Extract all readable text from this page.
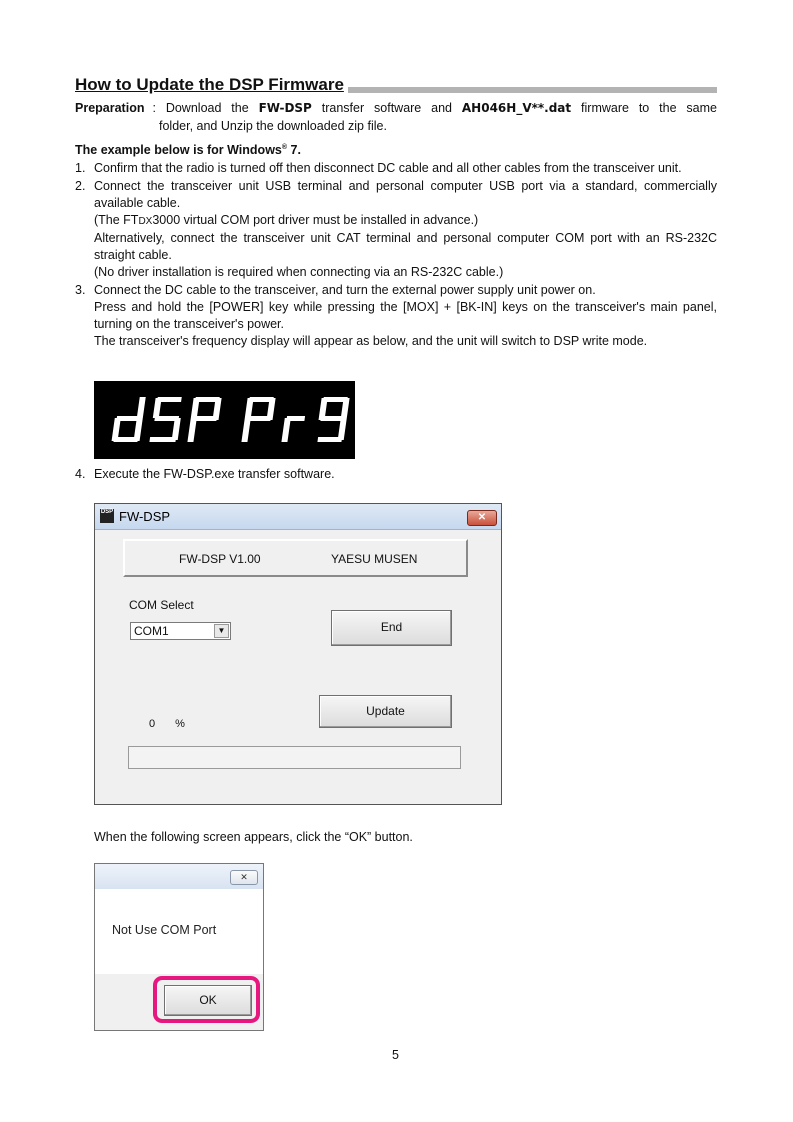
How to Update the DSP Firmware
Preparation : Download the FW-DSP transfer software and AH046H_V**.dat firmware to the same
folder, and Unzip the downloaded zip file.
The example below is for Windows® 7.
1. Confirm that the radio is turned off then disconnect DC cable and all other cables from the transceiver unit.

2. Connect the transceiver unit USB terminal and personal computer USB port via a standard, commercially available cable.

(The FTDX3000 virtual COM port driver must be installed in advance.)

Alternatively, connect the transceiver unit CAT terminal and personal computer COM port with an RS-232C straight cable.

(No driver installation is required when connecting via an RS-232C cable.)

3. Connect the DC cable to the transceiver, and turn the external power supply unit power on.

Press and hold the [POWER] key while pressing the [MOX] + [BK-IN] keys on the transceiver's main panel, turning on the transceiver's power.

The transceiver's frequency display will appear as below, and the unit will switch to DSP write mode.

4. Execute the FW-DSP.exe transfer software.
DSP FW-DSP	✕
FW-DSP V1.00	YAESU MUSEN
COM Select
COM1	▼	End
Update
0 %
When the following screen appears, click the “OK” button.
✕
Not Use COM Port
OK
5
